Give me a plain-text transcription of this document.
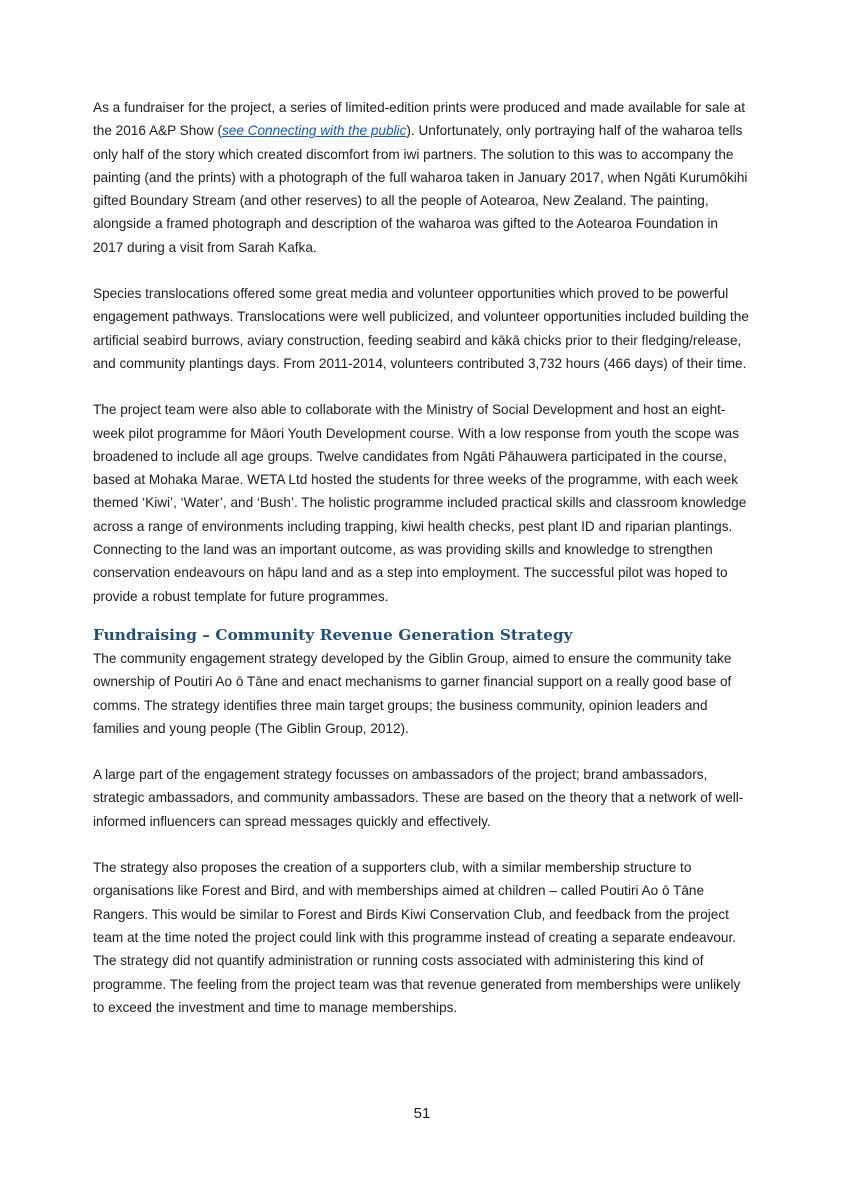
As a fundraiser for the project, a series of limited-edition prints were produced and made available for sale at the 2016 A&P Show (see Connecting with the public). Unfortunately, only portraying half of the waharoa tells only half of the story which created discomfort from iwi partners. The solution to this was to accompany the painting (and the prints) with a photograph of the full waharoa taken in January 2017, when Ngāti Kurumōkihi gifted Boundary Stream (and other reserves) to all the people of Aotearoa, New Zealand. The painting, alongside a framed photograph and description of the waharoa was gifted to the Aotearoa Foundation in 2017 during a visit from Sarah Kafka.

Species translocations offered some great media and volunteer opportunities which proved to be powerful engagement pathways. Translocations were well publicized, and volunteer opportunities included building the artificial seabird burrows, aviary construction, feeding seabird and kākā chicks prior to their fledging/release, and community plantings days. From 2011-2014, volunteers contributed 3,732 hours (466 days) of their time.

The project team were also able to collaborate with the Ministry of Social Development and host an eight-week pilot programme for Māori Youth Development course. With a low response from youth the scope was broadened to include all age groups. Twelve candidates from Ngāti Pāhauwera participated in the course, based at Mohaka Marae. WETA Ltd hosted the students for three weeks of the programme, with each week themed ‘Kiwi’, ‘Water’, and ‘Bush’. The holistic programme included practical skills and classroom knowledge across a range of environments including trapping, kiwi health checks, pest plant ID and riparian plantings. Connecting to the land was an important outcome, as was providing skills and knowledge to strengthen conservation endeavours on hāpu land and as a step into employment. The successful pilot was hoped to provide a robust template for future programmes.

Fundraising – Community Revenue Generation Strategy

The community engagement strategy developed by the Giblin Group, aimed to ensure the community take ownership of Poutiri Ao ō Tāne and enact mechanisms to garner financial support on a really good base of comms. The strategy identifies three main target groups; the business community, opinion leaders and families and young people (The Giblin Group, 2012).

A large part of the engagement strategy focusses on ambassadors of the project; brand ambassadors, strategic ambassadors, and community ambassadors. These are based on the theory that a network of well-informed influencers can spread messages quickly and effectively.

The strategy also proposes the creation of a supporters club, with a similar membership structure to organisations like Forest and Bird, and with memberships aimed at children – called Poutiri Ao ō Tāne Rangers. This would be similar to Forest and Birds Kiwi Conservation Club, and feedback from the project team at the time noted the project could link with this programme instead of creating a separate endeavour. The strategy did not quantify administration or running costs associated with administering this kind of programme. The feeling from the project team was that revenue generated from memberships were unlikely to exceed the investment and time to manage memberships.

51
